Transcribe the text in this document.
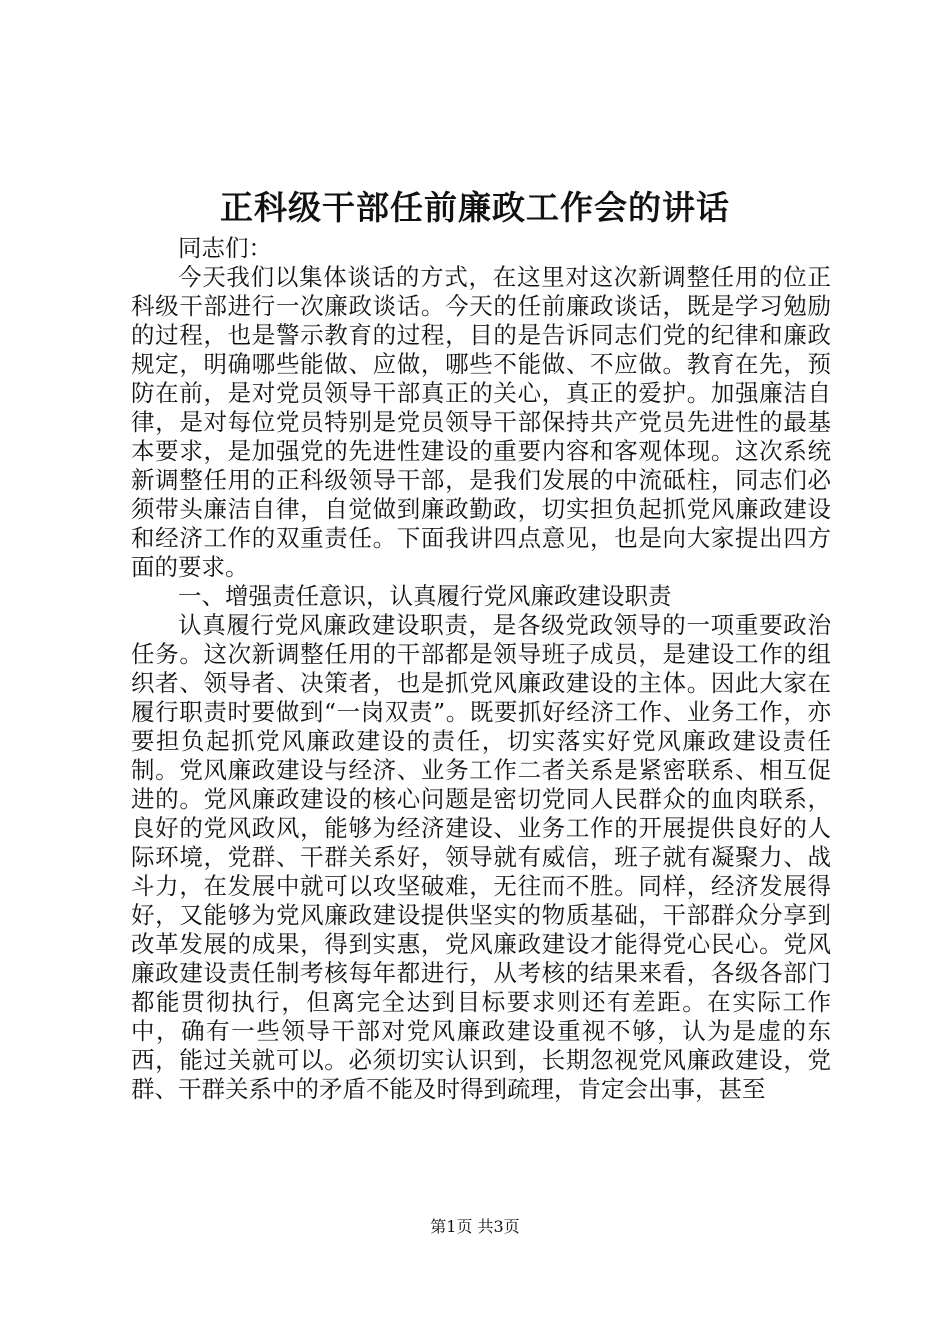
正科级干部任前廉政工作会的讲话

同志们：

今天我们以集体谈话的方式，在这里对这次新调整任用的位正科级干部进行一次廉政谈话。今天的任前廉政谈话，既是学习勉励的过程，也是警示教育的过程，目的是告诉同志们党的纪律和廉政规定，明确哪些能做、应做，哪些不能做、不应做。教育在先，预防在前，是对党员领导干部真正的关心，真正的爱护。加强廉洁自律，是对每位党员特别是党员领导干部保持共产党员先进性的最基本要求，是加强党的先进性建设的重要内容和客观体现。这次系统新调整任用的正科级领导干部，是我们发展的中流砥柱，同志们必须带头廉洁自律，自觉做到廉政勤政，切实担负起抓党风廉政建设和经济工作的双重责任。下面我讲四点意见，也是向大家提出四方面的要求。

一、增强责任意识，认真履行党风廉政建设职责

认真履行党风廉政建设职责，是各级党政领导的一项重要政治任务。这次新调整任用的干部都是领导班子成员，是建设工作的组织者、领导者、决策者，也是抓党风廉政建设的主体。因此大家在履行职责时要做到“一岗双责”。既要抓好经济工作、业务工作，亦要担负起抓党风廉政建设的责任，切实落实好党风廉政建设责任制。党风廉政建设与经济、业务工作二者关系是紧密联系、相互促进的。党风廉政建设的核心问题是密切党同人民群众的血肉联系，良好的党风政风，能够为经济建设、业务工作的开展提供良好的人际环境，党群、干群关系好，领导就有威信，班子就有凝聚力、战斗力，在发展中就可以攻坚破难，无往而不胜。同样，经济发展得好，又能够为党风廉政建设提供坚实的物质基础，干部群众分享到改革发展的成果，得到实惠，党风廉政建设才能得党心民心。党风廉政建设责任制考核每年都进行，从考核的结果来看，各级各部门都能贯彻执行，但离完全达到目标要求则还有差距。在实际工作中，确有一些领导干部对党风廉政建设重视不够，认为是虚的东西，能过关就可以。必须切实认识到，长期忽视党风廉政建设，党群、干群关系中的矛盾不能及时得到疏理，肯定会出事，甚至

第1页 共3页
